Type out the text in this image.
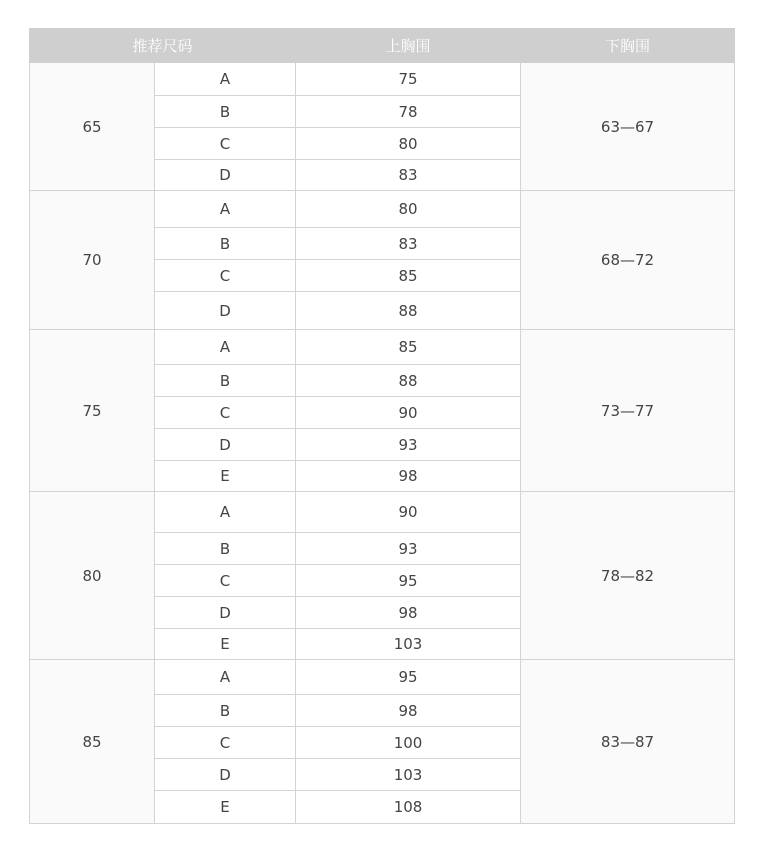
推荐尺码		上胸围	下胸围
65	A	75	63—67
	B	78	
	C	80	
	D	83	
70	A	80	68—72
	B	83	
	C	85	
	D	88	
75	A	85	73—77
	B	88	
	C	90	
	D	93	
	E	98	
80	A	90	78—82
	B	93	
	C	95	
	D	98	
	E	103	
85	A	95	83—87
	B	98	
	C	100	
	D	103	
	E	108	
